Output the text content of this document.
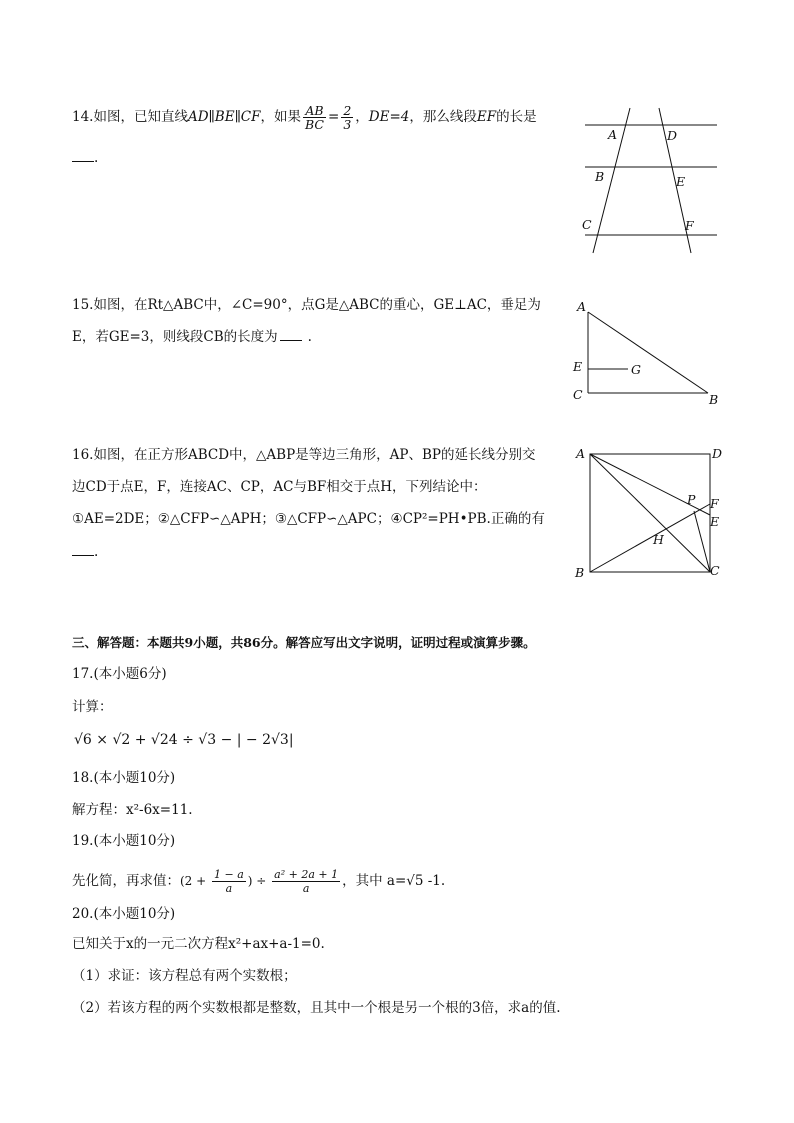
14.如图，已知直线AD∥BE∥CF，如果 $\frac{AB}{BC} = \frac{2}{3}$ ，DE=4，那么线段EF的长是
.
A	D
B	E
C	F
15.如图，在Rt△ABC中，∠C=90°，点G是△ABC的重心，GE⊥AC，垂足为
E，若GE=3，则线段CB的长度为 .
A
E	G
C	B
16.如图，在正方形ABCD中，△ABP是等边三角形，AP、BP的延长线分别交
边CD于点E，F，连接AC、CP，AC与BF相交于点H，下列结论中：
①AE=2DE；②△CFP∽△APH；③△CFP∽△APC；④CP²=PH•PB.正确的有
.
A	D
P F
E
H
B	C
三、解答题：本题共9小题，共86分。解答应写出文字说明，证明过程或演算步骤。
17.(本小题6分)
计算：
√6 × √2 + √24 ÷ √3 − | − 2√3|
18.(本小题10分)
解方程：x²-6x=11.
19.(本小题10分)
先化简，再求值：($2 + \frac{1 - a}{a}$ ) ÷ $\frac{\text{a² + 2a + 1}}{a}$ ，其中 a=√5 -1.
20.(本小题10分)
已知关于x的一元二次方程x²+ax+a-1=0.
（1）求证：该方程总有两个实数根；
（2）若该方程的两个实数根都是整数，且其中一个根是另一个根的3倍，求a的值.
